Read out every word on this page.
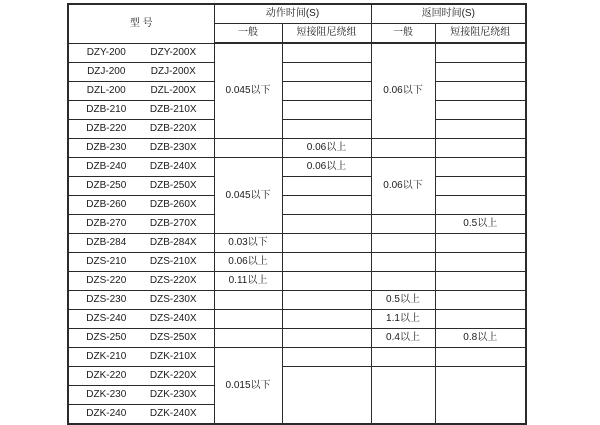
型 号	动作时间(S)		返回时间(S)	
	一般	短接阻尼绕组	一般	短接阻尼绕组
DZY-200 DZY-200X	0.045以下		0.06以下	
DZJ-200 DZJ-200X				
DZL-200 DZL-200X				
DZB-210 DZB-210X				
DZB-220 DZB-220X				
DZB-230 DZB-230X		0.06以上		
DZB-240 DZB-240X	0.045以下	0.06以上	0.06以下	
DZB-250 DZB-250X				
DZB-260 DZB-260X				
DZB-270 DZB-270X				0.5以上
DZB-284 DZB-284X	0.03以下			
DZS-210 DZS-210X	0.06以上			
DZS-220 DZS-220X	0.11以上			
DZS-230 DZS-230X			0.5以上	
DZS-240 DZS-240X			1.1以上	
DZS-250 DZS-250X			0.4以上	0.8以上
DZK-210 DZK-210X	0.015以下			
DZK-220 DZK-220X				
DZK-230 DZK-230X				
DZK-240 DZK-240X				
